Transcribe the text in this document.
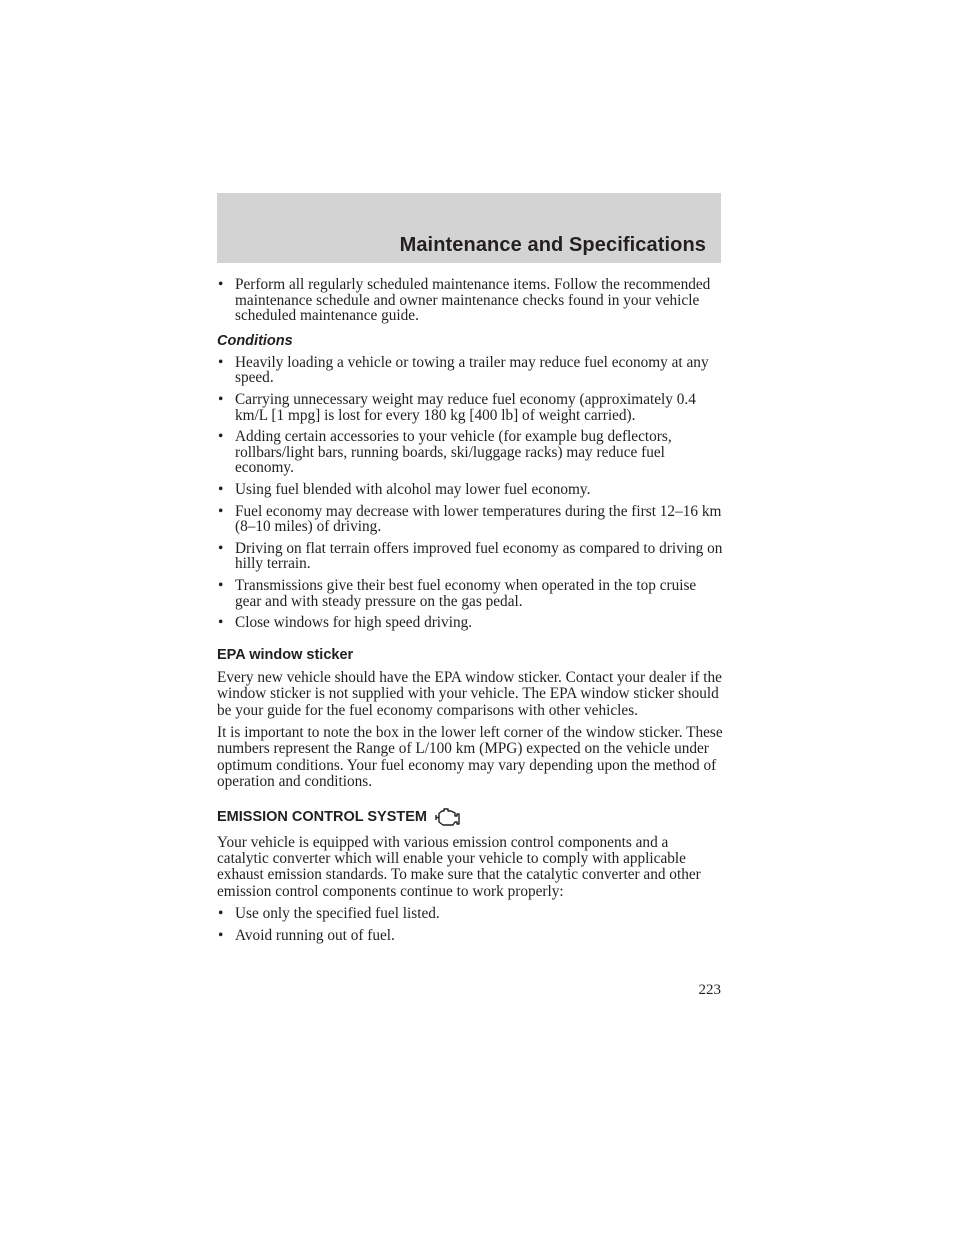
Maintenance and Specifications
• Perform all regularly scheduled maintenance items. Follow the recommended maintenance schedule and owner maintenance checks found in your vehicle scheduled maintenance guide.
Conditions
• Heavily loading a vehicle or towing a trailer may reduce fuel economy at any speed.
• Carrying unnecessary weight may reduce fuel economy (approximately 0.4 km/L [1 mpg] is lost for every 180 kg [400 lb] of weight carried).
• Adding certain accessories to your vehicle (for example bug deflectors, rollbars/light bars, running boards, ski/luggage racks) may reduce fuel economy.
• Using fuel blended with alcohol may lower fuel economy.
• Fuel economy may decrease with lower temperatures during the first 12–16 km (8–10 miles) of driving.
• Driving on flat terrain offers improved fuel economy as compared to driving on hilly terrain.
• Transmissions give their best fuel economy when operated in the top cruise gear and with steady pressure on the gas pedal.
• Close windows for high speed driving.
EPA window sticker

Every new vehicle should have the EPA window sticker. Contact your dealer if the window sticker is not supplied with your vehicle. The EPA window sticker should be your guide for the fuel economy comparisons with other vehicles.

It is important to note the box in the lower left corner of the window sticker. These numbers represent the Range of L/100 km (MPG) expected on the vehicle under optimum conditions. Your fuel economy may vary depending upon the method of operation and conditions.

EMISSION CONTROL SYSTEM

Your vehicle is equipped with various emission control components and a catalytic converter which will enable your vehicle to comply with applicable exhaust emission standards. To make sure that the catalytic converter and other emission control components continue to work properly:

• Use only the specified fuel listed.
• Avoid running out of fuel.
223
